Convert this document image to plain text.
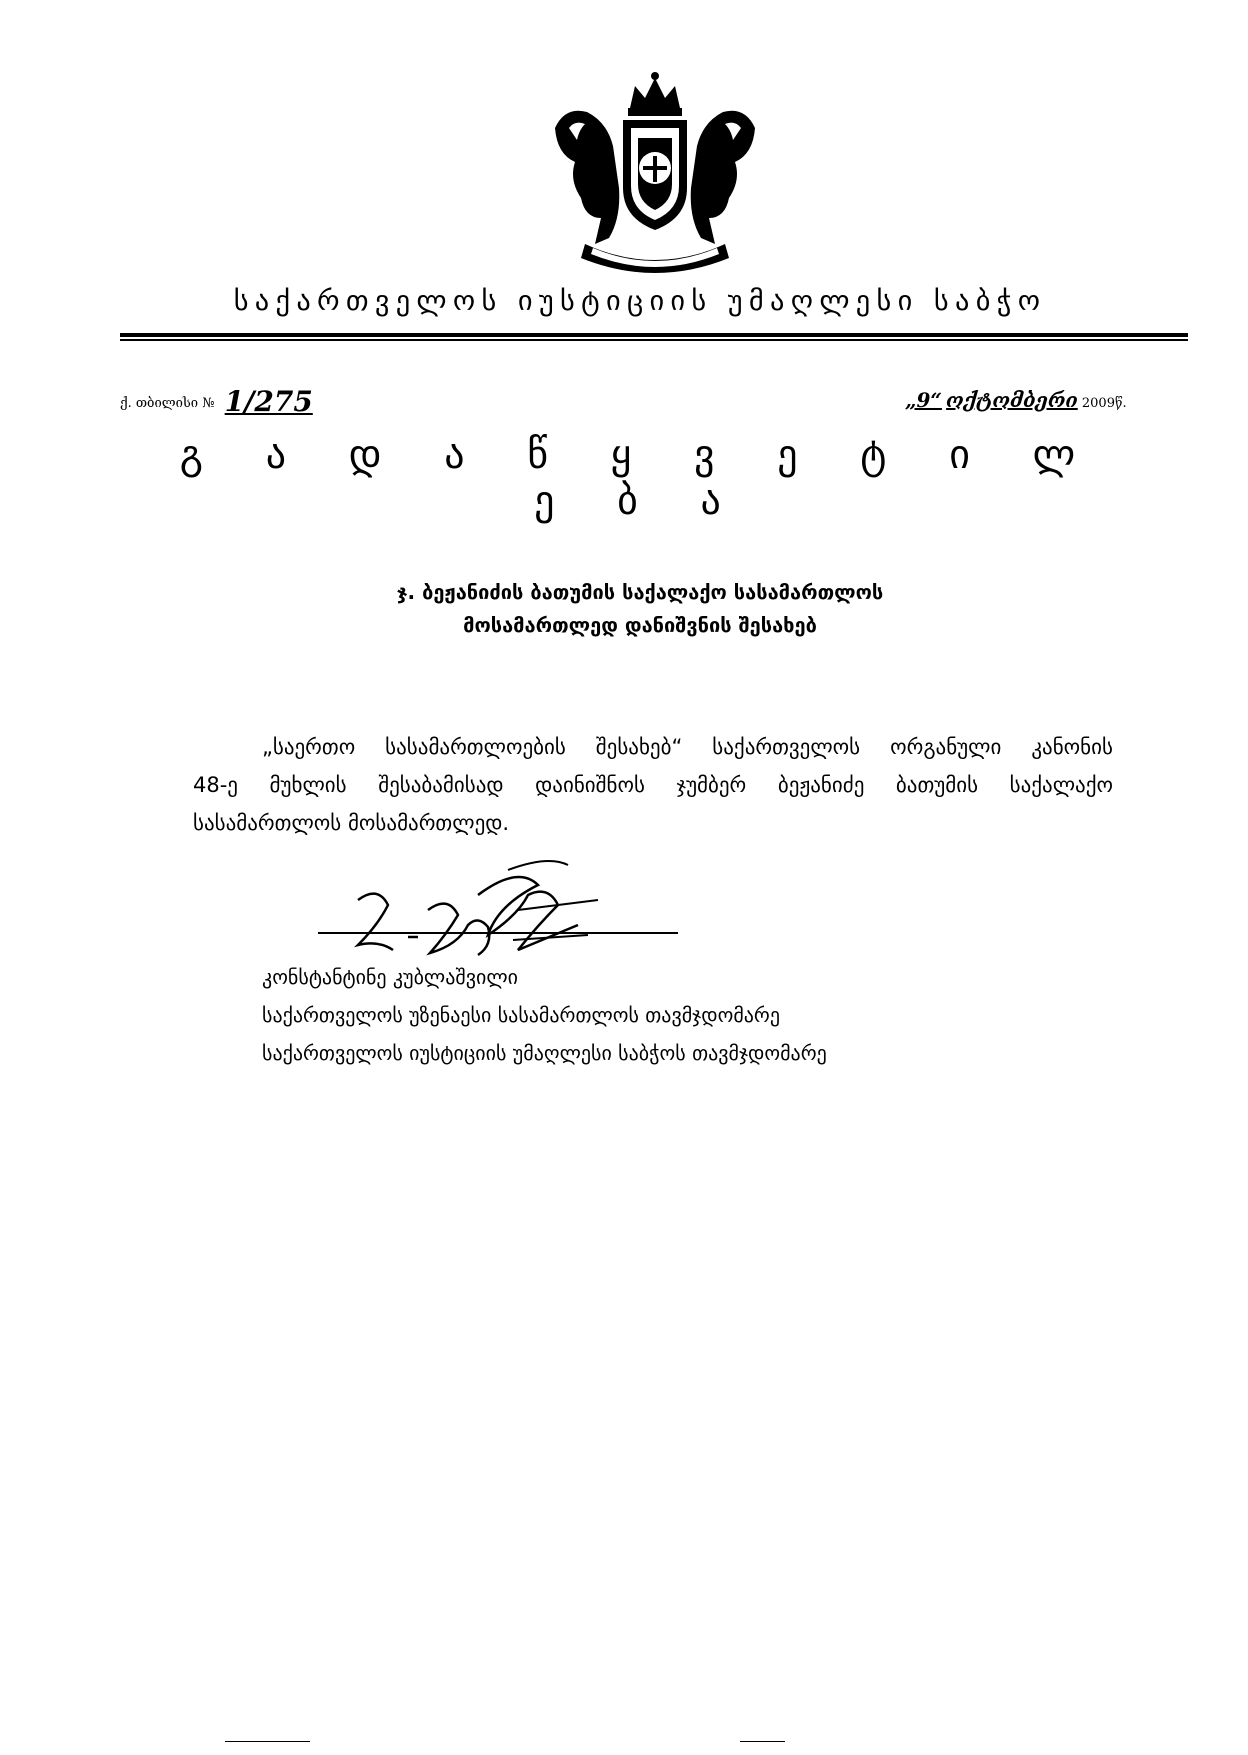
საქართველოს იუსტიციის უმაღლესი საბჭო
ქ. თბილისი № 1/275	„9“ ოქტომბერი 2009წ.
გ ა დ ა წ ყ ვ ე ტ ი ლ ე ბ ა
ჯ. ბეჟანიძის ბათუმის საქალაქო სასამართლოს
მოსამართლედ დანიშვნის შესახებ
„საერთო სასამართლოების შესახებ“ საქართველოს ორგანული კანონის
48-ე მუხლის შესაბამისად დაინიშნოს ჯუმბერ ბეჟანიძე ბათუმის საქალაქო
სასამართლოს მოსამართლედ.
კონსტანტინე კუბლაშვილი
საქართველოს უზენაესი სასამართლოს თავმჯდომარე
საქართველოს იუსტიციის უმაღლესი საბჭოს თავმჯდომარე
